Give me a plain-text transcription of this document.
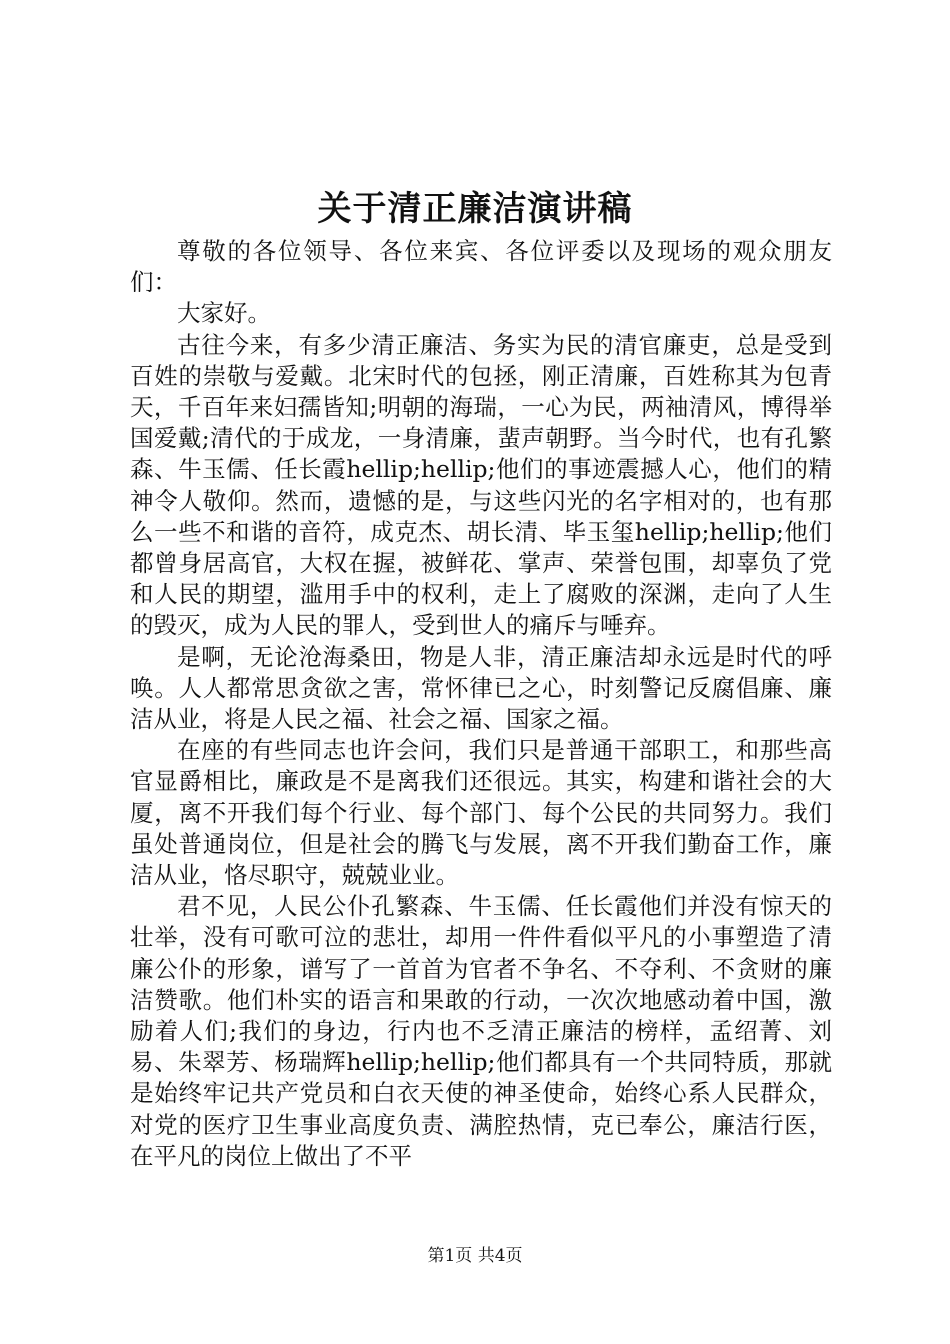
关于清正廉洁演讲稿

尊敬的各位领导、各位来宾、各位评委以及现场的观众朋友们：

大家好。

古往今来，有多少清正廉洁、务实为民的清官廉吏，总是受到百姓的崇敬与爱戴。北宋时代的包拯，刚正清廉，百姓称其为包青天，千百年来妇孺皆知;明朝的海瑞，一心为民，两袖清风，博得举国爱戴;清代的于成龙，一身清廉，蜚声朝野。当今时代，也有孔繁森、牛玉儒、任长霞hellip;hellip;他们的事迹震撼人心，他们的精神令人敬仰。然而，遗憾的是，与这些闪光的名字相对的，也有那么一些不和谐的音符，成克杰、胡长清、毕玉玺hellip;hellip;他们都曾身居高官，大权在握，被鲜花、掌声、荣誉包围，却辜负了党和人民的期望，滥用手中的权利，走上了腐败的深渊，走向了人生的毁灭，成为人民的罪人，受到世人的痛斥与唾弃。

是啊，无论沧海桑田，物是人非，清正廉洁却永远是时代的呼唤。人人都常思贪欲之害，常怀律已之心，时刻警记反腐倡廉、廉洁从业，将是人民之福、社会之福、国家之福。

在座的有些同志也许会问，我们只是普通干部职工，和那些高官显爵相比，廉政是不是离我们还很远。其实，构建和谐社会的大厦，离不开我们每个行业、每个部门、每个公民的共同努力。我们虽处普通岗位，但是社会的腾飞与发展，离不开我们勤奋工作，廉洁从业，恪尽职守，兢兢业业。

君不见，人民公仆孔繁森、牛玉儒、任长霞他们并没有惊天的壮举，没有可歌可泣的悲壮，却用一件件看似平凡的小事塑造了清廉公仆的形象，谱写了一首首为官者不争名、不夺利、不贪财的廉洁赞歌。他们朴实的语言和果敢的行动，一次次地感动着中国，激励着人们;我们的身边，行内也不乏清正廉洁的榜样，孟绍菁、刘易、朱翠芳、杨瑞辉hellip;hellip;他们都具有一个共同特质，那就是始终牢记共产党员和白衣天使的神圣使命，始终心系人民群众，对党的医疗卫生事业高度负责、满腔热情，克已奉公，廉洁行医，在平凡的岗位上做出了不平

第1页 共4页
